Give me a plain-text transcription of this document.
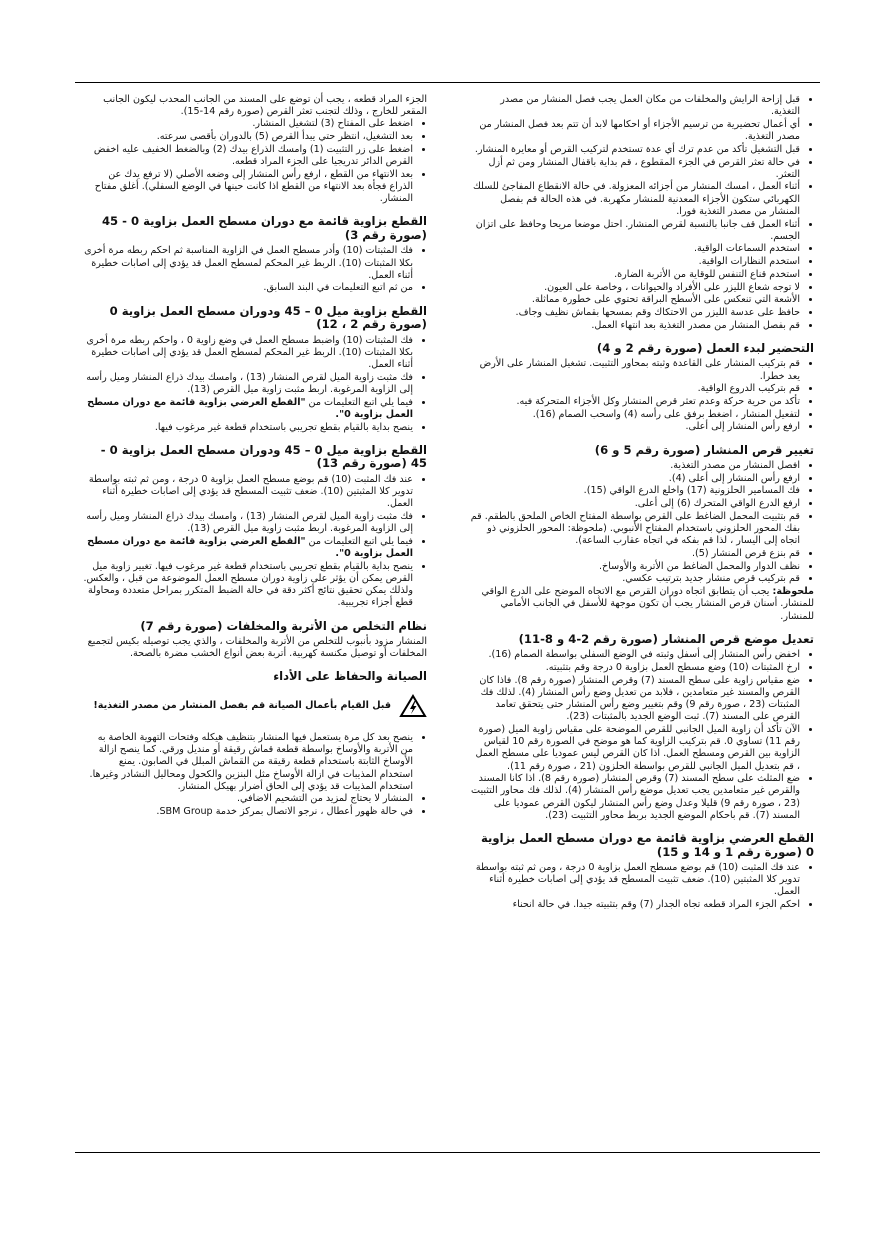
• قبل إزاحة الرايش والمخلفات من مكان العمل يجب فصل المنشار من مصدر التغذية.
• أي أعمال تحضيرية من ترسيم الأجزاء أو احكامها لابد أن تتم بعد فصل المنشار من مصدر التغذية.
• قبل التشغيل تأكد من عدم ترك أي عدة تستخدم لتركيب القرص أو معايرة المنشار.
• في حالة تعثر القرص في الجزء المقطوع ، قم بداية باقفال المنشار ومن ثم أزل التعثر.
• أثناء العمل ، امسك المنشار من أجزائه المعزولة. في حالة الانقطاع المفاجئ للسلك الكهربائي ستكون الأجزاء المعدنية للمنشار مكهربة. في هذه الحالة قم بفصل المنشار من مصدر التغذية فورا.
• أثناء العمل قف جانبا بالنسبة لقرص المنشار. احتل موضعا مريحا وحافظ على اتزان الجسم.
• استخدم السماعات الواقية.
• استخدم النظارات الواقية.
• استخدم قناع التنفس للوقاية من الأتربة الضارة.
• لا توجه شعاع الليزر على الأفراد والحيوانات ، وخاصة على العيون.
• الأشعة التي تنعكس على الأسطح البراقة تحتوي على خطورة مماثلة.
• حافظ على عدسة الليزر من الاحتكاك وقم بمسحها بقماش نظيف وجاف.
• قم بفصل المنشار من مصدر التغذية بعد انتهاء العمل.
التحضير لبدء العمل (صورة رقم 2 و 4)
• قم بتركيب المنشار على القاعدة وثبته بمحاور التثبيت. تشغيل المنشار على الأرض يعد خطرا.
• قم بتركيب الدروع الواقية.
• تأكد من حرية حركة وعدم تعثر قرص المنشار وكل الأجزاء المتحركة فيه.
• لتفعيل المنشار ، اضغط برفق على رأسه (4) واسحب الصمام (16).
• ارفع رأس المنشار إلى أعلى.
تغيير قرص المنشار (صورة رقم 5 و 6)
• افصل المنشار من مصدر التغذية.
• ارفع رأس المنشار إلى أعلى (4).
• فك المسامير الحلزونية (17) واخلع الدرع الواقي (15).
• ارفع الدرع الواقي المتحرك (6) إلى أعلى.
• قم بتثبيت المحمل الضاغط على القرص بواسطة المفتاح الخاص الملحق بالطقم. قم بفك المحور الحلزوني باستخدام المفتاح الأنبوبي. (ملحوظة: المحور الحلزوني ذو اتجاه إلى اليسار ، لذا قم بفكه في اتجاه عقارب الساعة).
• قم بنزع قرص المنشار (5).
• نظف الدوار والمحمل الضاغط من الأتربة والأوساخ.
• قم بتركيب قرص منشار جديد بترتيب عكسي.

ملحوظة: يجب أن يتطابق اتجاه دوران القرص مع الاتجاه الموضح على الدرع الواقي للمنشار. أسنان قرص المنشار يجب أن تكون موجهة للأسفل في الجانب الأمامي للمنشار.

تعديل موضع قرص المنشار (صورة رقم 2-4 و 8-11)
• اخفض رأس المنشار إلى أسفل وثبته في الوضع السفلي بواسطة الصمام (16).
• ارخ المثبتات (10) وضع مسطح العمل بزاوية 0 درجة وقم بتثبيته.
• ضع مقياس زاوية على سطح المسند (7) وقرص المنشار (صورة رقم 8). فاذا كان القرص والمسند غير متعامدين ، فلابد من تعديل وضع رأس المنشار (4). لذلك فك المثبتات (23 ، صورة رقم 9) وقم بتغيير وضع رأس المنشار حتى يتحقق تعامد القرص على المسند (7). ثبت الوضع الجديد بالمثبتات (23).
• الآن تأكد أن زاوية الميل الجانبي للقرص الموضحة على مقياس زاوية الميل (صورة رقم 11) تساوي 0. قم بتركيب الزاوية كما هو موضح في الصورة رقم 10 لقياس الزاوية بين القرص ومسطح العمل. اذا كان القرص ليس عموديا على مسطح العمل ، قم بتعديل الميل الجانبي للقرص بواسطة الحلزون (21 ، صورة رقم 11).
• ضع المثلث على سطح المسند (7) وقرص المنشار (صورة رقم 8). اذا كانا المسند والقرص غير متعامدين يجب تعديل موضع رأس المنشار (4). لذلك فك محاور التثبيت (23 ، صورة رقم 9) قليلا وعدل وضع رأس المنشار ليكون القرص عموديا على المسند (7). قم باحكام الموضع الجديد بربط محاور التثبيت (23).
القطع العرضي بزاوية قائمة مع دوران مسطح العمل بزاوية 0 (صورة رقم 1 و 14 و 15)
• عند فك المثبت (10) قم بوضع مسطح العمل بزاوية 0 درجة ، ومن ثم ثبته بواسطة تدوير كلا المثبتين (10). ضعف تثبيت المسطح قد يؤدي إلى اصابات خطيرة أثناء العمل.
• احكم الجزء المراد قطعه تجاه الجدار (7) وقم بتثبيته جيدا. في حالة انحناء

الجزء المراد قطعه ، يجب أن توضع على المسند من الجانب المحدب ليكون الجانب المقعر للخارج ، وذلك لتجنب تعثر القرص (صورة رقم 14-15).

• اضغط على المفتاح (3) لتشغيل المنشار.
• بعد التشغيل، انتظر حتي يبدأ القرص (5) بالدوران بأقصى سرعته.
• اضغط على زر التثبيت (1) وامسك الذراع بيدك (2) وبالضغط الخفيف عليه اخفض القرص الدائر تدريجيا على الجزء المراد قطعه.
• بعد الانتهاء من القطع ، ارفع رأس المنشار إلى وضعه الأصلي (لا ترفع يدك عن الذراع فجأة بعد الانتهاء من القطع اذا كانت حينها في الوضع السفلي). أغلق مفتاح المنشار.
القطع بزاوية قائمة مع دوران مسطح العمل بزاوية 0 - 45 (صورة رقم 3)
• فك المثبتات (10) وأدر مسطح العمل في الزاوية المناسبة ثم احكم ربطه مرة أخرى بكلا المثبتات (10). الربط غير المحكم لمسطح العمل قد يؤدي إلى اصابات خطيرة أثناء العمل.
• من ثم اتبع التعليمات في البند السابق.
القطع بزاوية ميل 0 – 45 ودوران مسطح العمل بزاوية 0 (صورة رقم 2 ، 12)
• فك المثبتات (10) واضبط مسطح العمل في وضع زاوية 0 ، واحكم ربطه مرة أخرى بكلا المثبتات (10). الربط غير المحكم لمسطح العمل قد يؤدي إلى اصابات خطيرة أثناء العمل.
• فك مثبت زاوية الميل لقرص المنشار (13) ، وامسك بيدك ذراع المنشار وميل رأسه إلى الزاوية المرغوبة. اربط مثبت زاوية ميل القرص (13).
• فيما يلي اتبع التعليمات من "القطع العرضي بزاوية قائمة مع دوران مسطح العمل بزاوية 0".
• ينصح بداية بالقيام بقطع تجريبي باستخدام قطعة غير مرغوب فيها.
القطع بزاوية ميل 0 – 45 ودوران مسطح العمل بزاوية 0 - 45 (صورة رقم 13)
• عند فك المثبت (10) قم بوضع مسطح العمل بزاوية 0 درجة ، ومن ثم ثبته بواسطة تدوير كلا المثبتين (10). ضعف تثبيت المسطح قد يؤدي إلى اصابات خطيرة أثناء العمل.
• فك مثبت زاوية الميل لقرص المنشار (13) ، وامسك بيدك ذراع المنشار وميل رأسه إلى الزاوية المرغوبة. اربط مثبت زاوية ميل القرص (13).
• فيما يلي اتبع التعليمات من "القطع العرضي بزاوية قائمة مع دوران مسطح العمل بزاوية 0".
• ينصح بداية بالقيام بقطع تجريبي باستخدام قطعة غير مرغوب فيها. تغيير زاوية ميل القرص يمكن أن يؤثر على زاوية دوران مسطح العمل الموضوعة من قبل ، والعكس. ولذلك يمكن تحقيق نتائج أكثر دقة في حالة الضبط المتكرر بمراحل متعددة ومحاولة قطع أجزاء تجريبية.
نظام التخلص من الأتربة والمخلفات (صورة رقم 7)

المنشار مزود بأنبوب للتخلص من الأتربة والمخلفات ، والذي يجب توصيله بكيس لتجميع المخلفات أو توصيل مكنسة كهربية. أتربة بعض أنواع الخشب مضرة بالصحة.

الصيانة والحفاظ على الأداء
قبل القيام بأعمال الصيانة قم بفصل المنشار من مصدر التغذية!
• ينصح بعد كل مرة يستعمل فيها المنشار بتنظيف هيكله وفتحات التهوية الخاصة به من الأتربة والأوساخ بواسطة قطعة قماش رقيقة أو منديل ورقي. كما ينصح ازالة الأوساخ الثابتة باستخدام قطعة رقيقة من القماش المبلل في الصابون. يمنع استخدام المذيبات في ازالة الأوساخ مثل البنزين والكحول ومحاليل النشادر وغيرها. استخدام المذيبات قد يؤدي إلى الحاق أضرار بهيكل المنشار.
• المنشار لا يحتاج لمزيد من التشحيم الاضافي.
• في حالة ظهور أعطال ، نرجو الاتصال بمركز خدمة SBM Group.
